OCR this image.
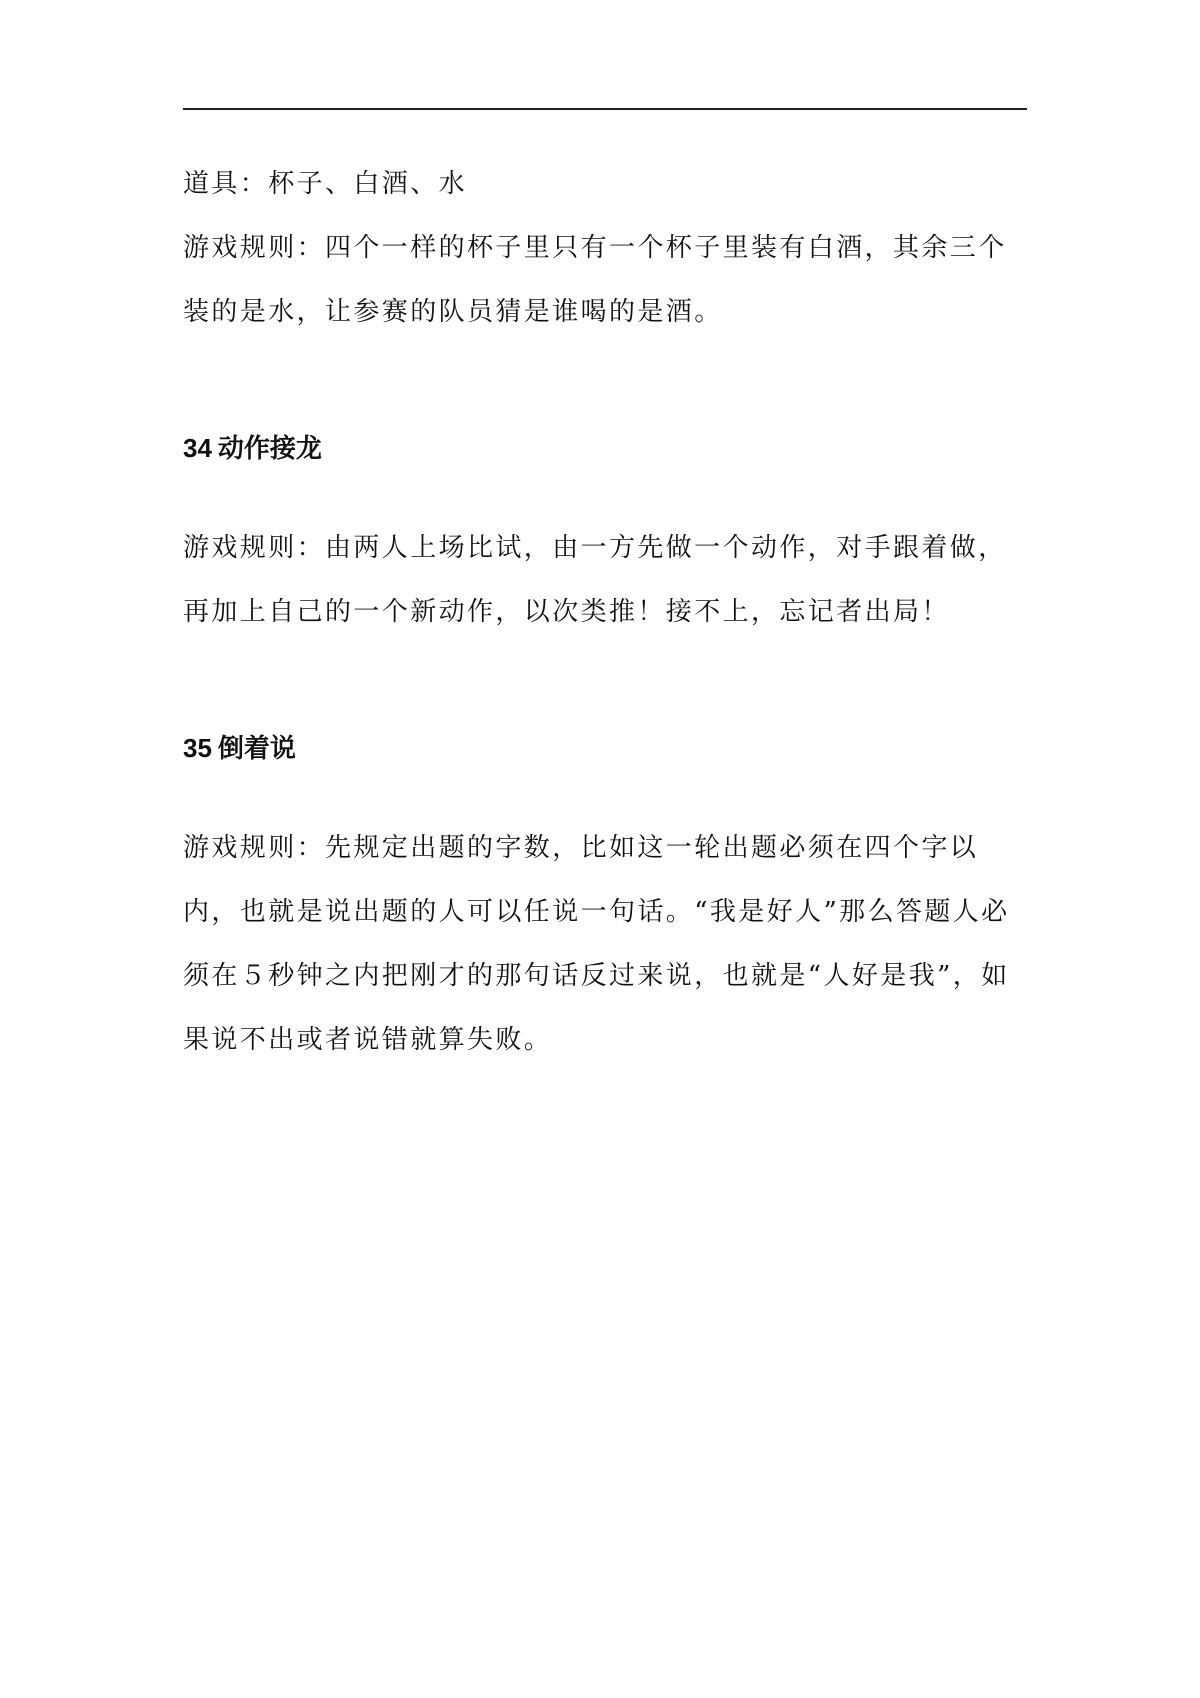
道具：杯子、白酒、水

游戏规则：四个一样的杯子里只有一个杯子里装有白酒，其余三个装的是水，让参赛的队员猜是谁喝的是酒。

34 动作接龙

游戏规则：由两人上场比试，由一方先做一个动作，对手跟着做，再加上自己的一个新动作，以次类推！接不上，忘记者出局！

35 倒着说

游戏规则：先规定出题的字数，比如这一轮出题必须在四个字以内，也就是说出题的人可以任说一句话。“我是好人”那么答题人必须在５秒钟之内把刚才的那句话反过来说，也就是“人好是我”，如果说不出或者说错就算失败。
